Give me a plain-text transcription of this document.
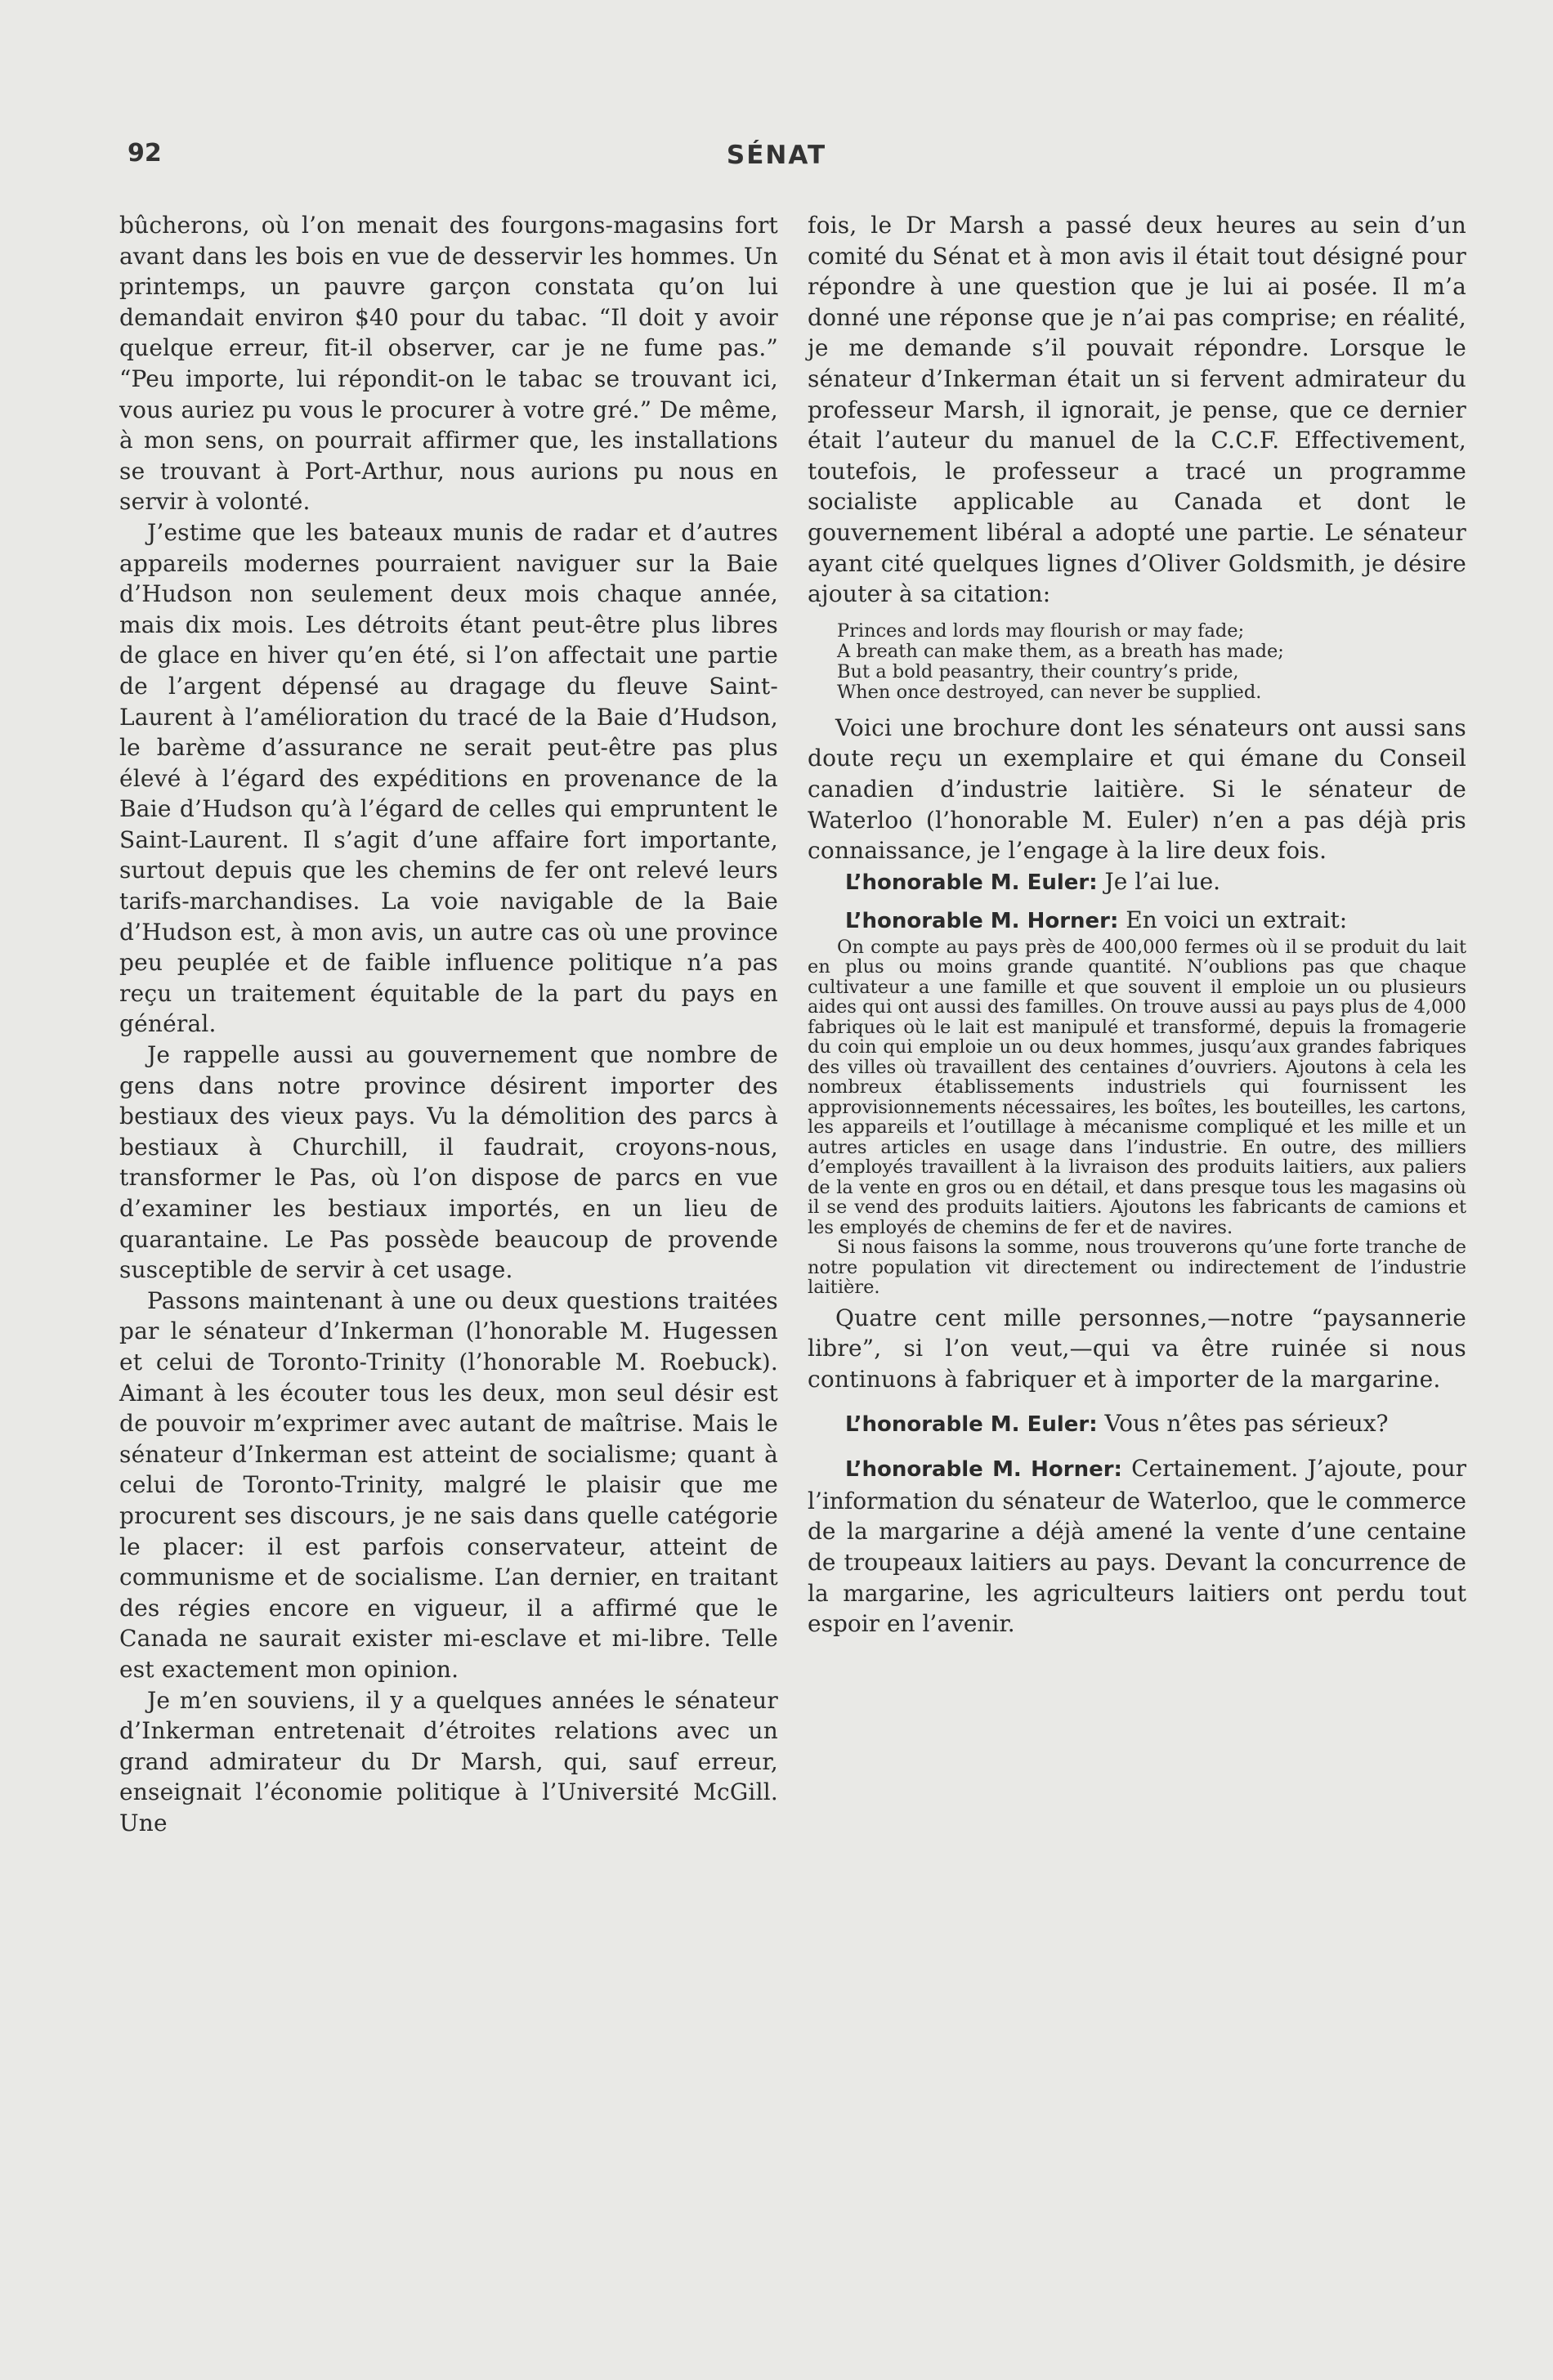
92	SÉNAT

bûcherons, où l’on menait des fourgons-magasins fort avant dans les bois en vue de desservir les hommes. Un printemps, un pauvre garçon constata qu’on lui demandait environ $40 pour du tabac. “Il doit y avoir quelque erreur, fit-il observer, car je ne fume pas.” “Peu importe, lui répondit-on le tabac se trouvant ici, vous auriez pu vous le procurer à votre gré.” De même, à mon sens, on pourrait affirmer que, les installations se trouvant à Port-Arthur, nous aurions pu nous en servir à volonté.

J’estime que les bateaux munis de radar et d’autres appareils modernes pourraient naviguer sur la Baie d’Hudson non seulement deux mois chaque année, mais dix mois. Les détroits étant peut-être plus libres de glace en hiver qu’en été, si l’on affectait une partie de l’argent dépensé au dragage du fleuve Saint-Laurent à l’amélioration du tracé de la Baie d’Hudson, le barème d’assurance ne serait peut-être pas plus élevé à l’égard des expéditions en provenance de la Baie d’Hudson qu’à l’égard de celles qui empruntent le Saint-Laurent. Il s’agit d’une affaire fort importante, surtout depuis que les chemins de fer ont relevé leurs tarifs-marchandises. La voie navigable de la Baie d’Hudson est, à mon avis, un autre cas où une province peu peuplée et de faible influence politique n’a pas reçu un traitement équitable de la part du pays en général.

Je rappelle aussi au gouvernement que nombre de gens dans notre province désirent importer des bestiaux des vieux pays. Vu la démolition des parcs à bestiaux à Churchill, il faudrait, croyons-nous, transformer le Pas, où l’on dispose de parcs en vue d’examiner les bestiaux importés, en un lieu de quarantaine. Le Pas possède beaucoup de provende susceptible de servir à cet usage.

Passons maintenant à une ou deux questions traitées par le sénateur d’Inkerman (l’honorable M. Hugessen et celui de Toronto-Trinity (l’honorable M. Roebuck). Aimant à les écouter tous les deux, mon seul désir est de pouvoir m’exprimer avec autant de maîtrise. Mais le sénateur d’Inkerman est atteint de socialisme; quant à celui de Toronto-Trinity, malgré le plaisir que me procurent ses discours, je ne sais dans quelle catégorie le placer: il est parfois conservateur, atteint de communisme et de socialisme. L’an dernier, en traitant des régies encore en vigueur, il a affirmé que le Canada ne saurait exister mi-esclave et mi-libre. Telle est exactement mon opinion.

Je m’en souviens, il y a quelques années le sénateur d’Inkerman entretenait d’étroites relations avec un grand admirateur du Dr Marsh, qui, sauf erreur, enseignait l’économie politique à l’Université McGill. Une

fois, le Dr Marsh a passé deux heures au sein d’un comité du Sénat et à mon avis il était tout désigné pour répondre à une question que je lui ai posée. Il m’a donné une réponse que je n’ai pas comprise; en réalité, je me demande s’il pouvait répondre. Lorsque le sénateur d’Inkerman était un si fervent admirateur du professeur Marsh, il ignorait, je pense, que ce dernier était l’auteur du manuel de la C.C.F. Effectivement, toutefois, le professeur a tracé un programme socialiste applicable au Canada et dont le gouvernement libéral a adopté une partie. Le sénateur ayant cité quelques lignes d’Oliver Goldsmith, je désire ajouter à sa citation:

Princes and lords may flourish or may fade;
A breath can make them, as a breath has made;
But a bold peasantry, their country’s pride,
When once destroyed, can never be supplied.

Voici une brochure dont les sénateurs ont aussi sans doute reçu un exemplaire et qui émane du Conseil canadien d’industrie laitière. Si le sénateur de Waterloo (l’honorable M. Euler) n’en a pas déjà pris connaissance, je l’engage à la lire deux fois.

L’honorable M. Euler: Je l’ai lue.

L’honorable M. Horner: En voici un extrait:

On compte au pays près de 400,000 fermes où il se produit du lait en plus ou moins grande quantité. N’oublions pas que chaque cultivateur a une famille et que souvent il emploie un ou plusieurs aides qui ont aussi des familles. On trouve aussi au pays plus de 4,000 fabriques où le lait est manipulé et transformé, depuis la fromagerie du coin qui emploie un ou deux hommes, jusqu’aux grandes fabriques des villes où travaillent des centaines d’ouvriers. Ajoutons à cela les nombreux établissements industriels qui fournissent les approvisionnements nécessaires, les boîtes, les bouteilles, les cartons, les appareils et l’outillage à mécanisme compliqué et les mille et un autres articles en usage dans l’industrie. En outre, des milliers d’employés travaillent à la livraison des produits laitiers, aux paliers de la vente en gros ou en détail, et dans presque tous les magasins où il se vend des produits laitiers. Ajoutons les fabricants de camions et les employés de chemins de fer et de navires.

Si nous faisons la somme, nous trouverons qu’une forte tranche de notre population vit directement ou indirectement de l’industrie laitière.

Quatre cent mille personnes,—notre “paysannerie libre”, si l’on veut,—qui va être ruinée si nous continuons à fabriquer et à importer de la margarine.

L’honorable M. Euler: Vous n’êtes pas sérieux?

L’honorable M. Horner: Certainement. J’ajoute, pour l’information du sénateur de Waterloo, que le commerce de la margarine a déjà amené la vente d’une centaine de troupeaux laitiers au pays. Devant la concurrence de la margarine, les agriculteurs laitiers ont perdu tout espoir en l’avenir.
